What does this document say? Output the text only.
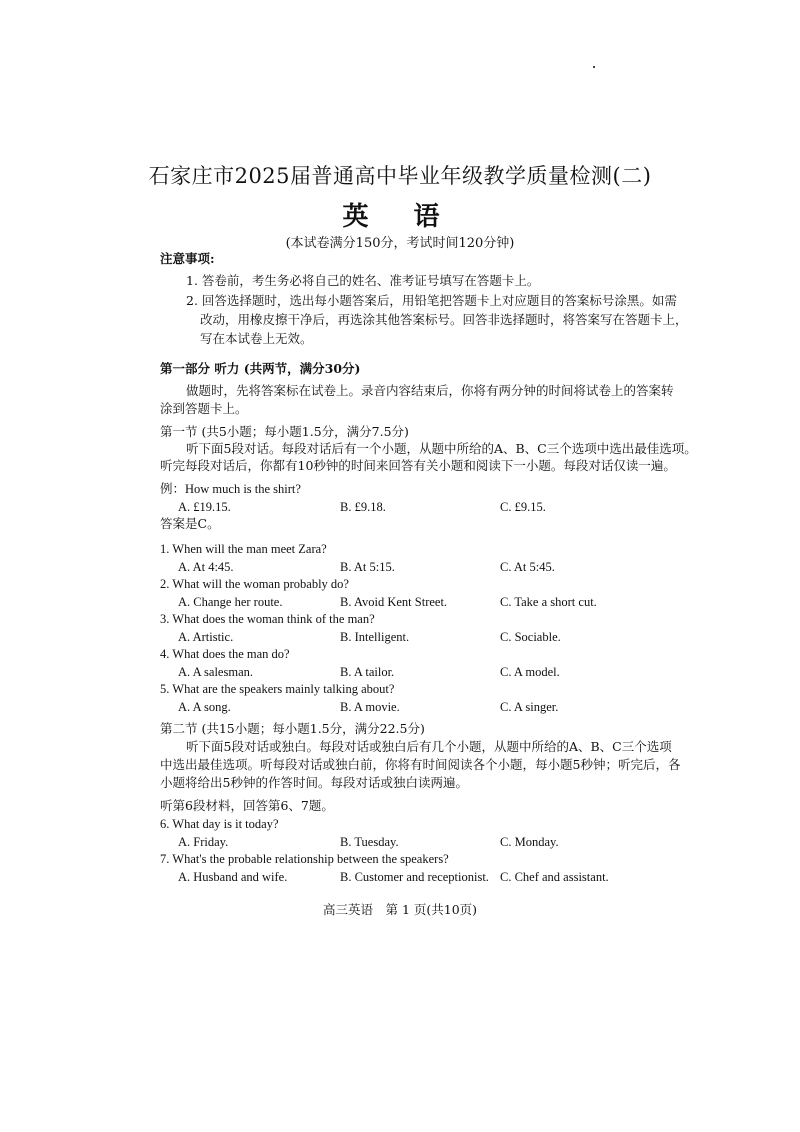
石家庄市2025届普通高中毕业年级教学质量检测(二)
英 语
(本试卷满分150分，考试时间120分钟)
注意事项:
1. 答卷前，考生务必将自己的姓名、准考证号填写在答题卡上。
2. 回答选择题时，选出每小题答案后，用铅笔把答题卡上对应题目的答案标号涂黑。如需
改动，用橡皮擦干净后，再选涂其他答案标号。回答非选择题时，将答案写在答题卡上，
写在本试卷上无效。
第一部分 听力 (共两节，满分30分)
做题时，先将答案标在试卷上。录音内容结束后，你将有两分钟的时间将试卷上的答案转
涂到答题卡上。
第一节 (共5小题；每小题1.5分，满分7.5分)
听下面5段对话。每段对话后有一个小题，从题中所给的A、B、C三个选项中选出最佳选项。
听完每段对话后，你都有10秒钟的时间来回答有关小题和阅读下一小题。每段对话仅读一遍。
例：How much is the shirt?
A. £19.15.	B. £9.18.	C. £9.15.
答案是C。
1. When will the man meet Zara?
A. At 4:45.	B. At 5:15.	C. At 5:45.
2. What will the woman probably do?
A. Change her route.	B. Avoid Kent Street.	C. Take a short cut.
3. What does the woman think of the man?
A. Artistic.	B. Intelligent.	C. Sociable.
4. What does the man do?
A. A salesman.	B. A tailor.	C. A model.
5. What are the speakers mainly talking about?
A. A song.	B. A movie.	C. A singer.
第二节 (共15小题；每小题1.5分，满分22.5分)
听下面5段对话或独白。每段对话或独白后有几个小题，从题中所给的A、B、C三个选项
中选出最佳选项。听每段对话或独白前，你将有时间阅读各个小题，每小题5秒钟；听完后，各
小题将给出5秒钟的作答时间。每段对话或独白读两遍。
听第6段材料，回答第6、7题。
6. What day is it today?
A. Friday.	B. Tuesday.	C. Monday.
7. What's the probable relationship between the speakers?
A. Husband and wife.	B. Customer and receptionist. C. Chef and assistant.
高三英语　第 1 页(共10页)
